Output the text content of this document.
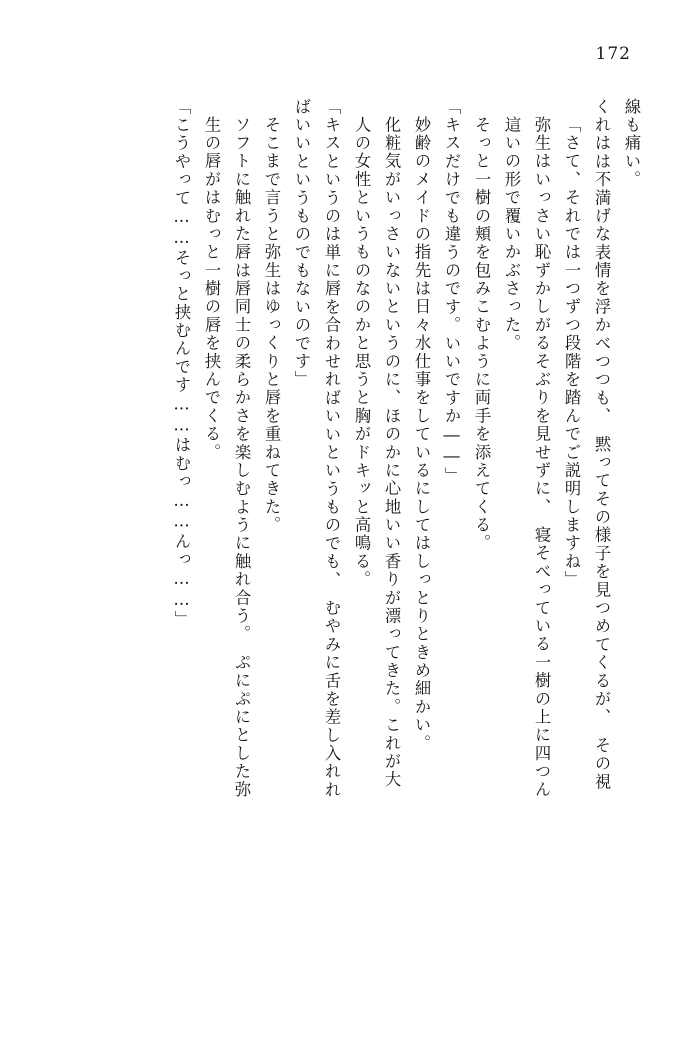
172
線も痛い。
くれはは不満げな表情を浮かべつつも、　黙ってその様子を見つめてくるが、　その視
「さて、それでは一つずつ段階を踏んでご説明しますね」
弥生はいっさい恥ずかしがるそぶりを見せずに、　寝そべっている一樹の上に四つん
這いの形で覆いかぶさった。
そっと一樹の頬を包みこむように両手を添えてくる。
「キスだけでも違うのです。いいですか――」
妙齢のメイドの指先は日々水仕事をしているにしてはしっとりときめ細かい。
化粧気がいっさいないというのに、ほのかに心地いい香りが漂ってきた。これが大
人の女性というものなのかと思うと胸がドキッと高鳴る。
「キスというのは単に唇を合わせればいいというものでも、　むやみに舌を差し入れれ
ばいいというものでもないのです」
そこまで言うと弥生はゆっくりと唇を重ねてきた。
ソフトに触れた唇は唇同士の柔らかさを楽しむように触れ合う。　ぷにぷにとした弥
生の唇がはむっと一樹の唇を挟んでくる。
「こうやって……そっと挟むんです……はむっ……んっ……」
